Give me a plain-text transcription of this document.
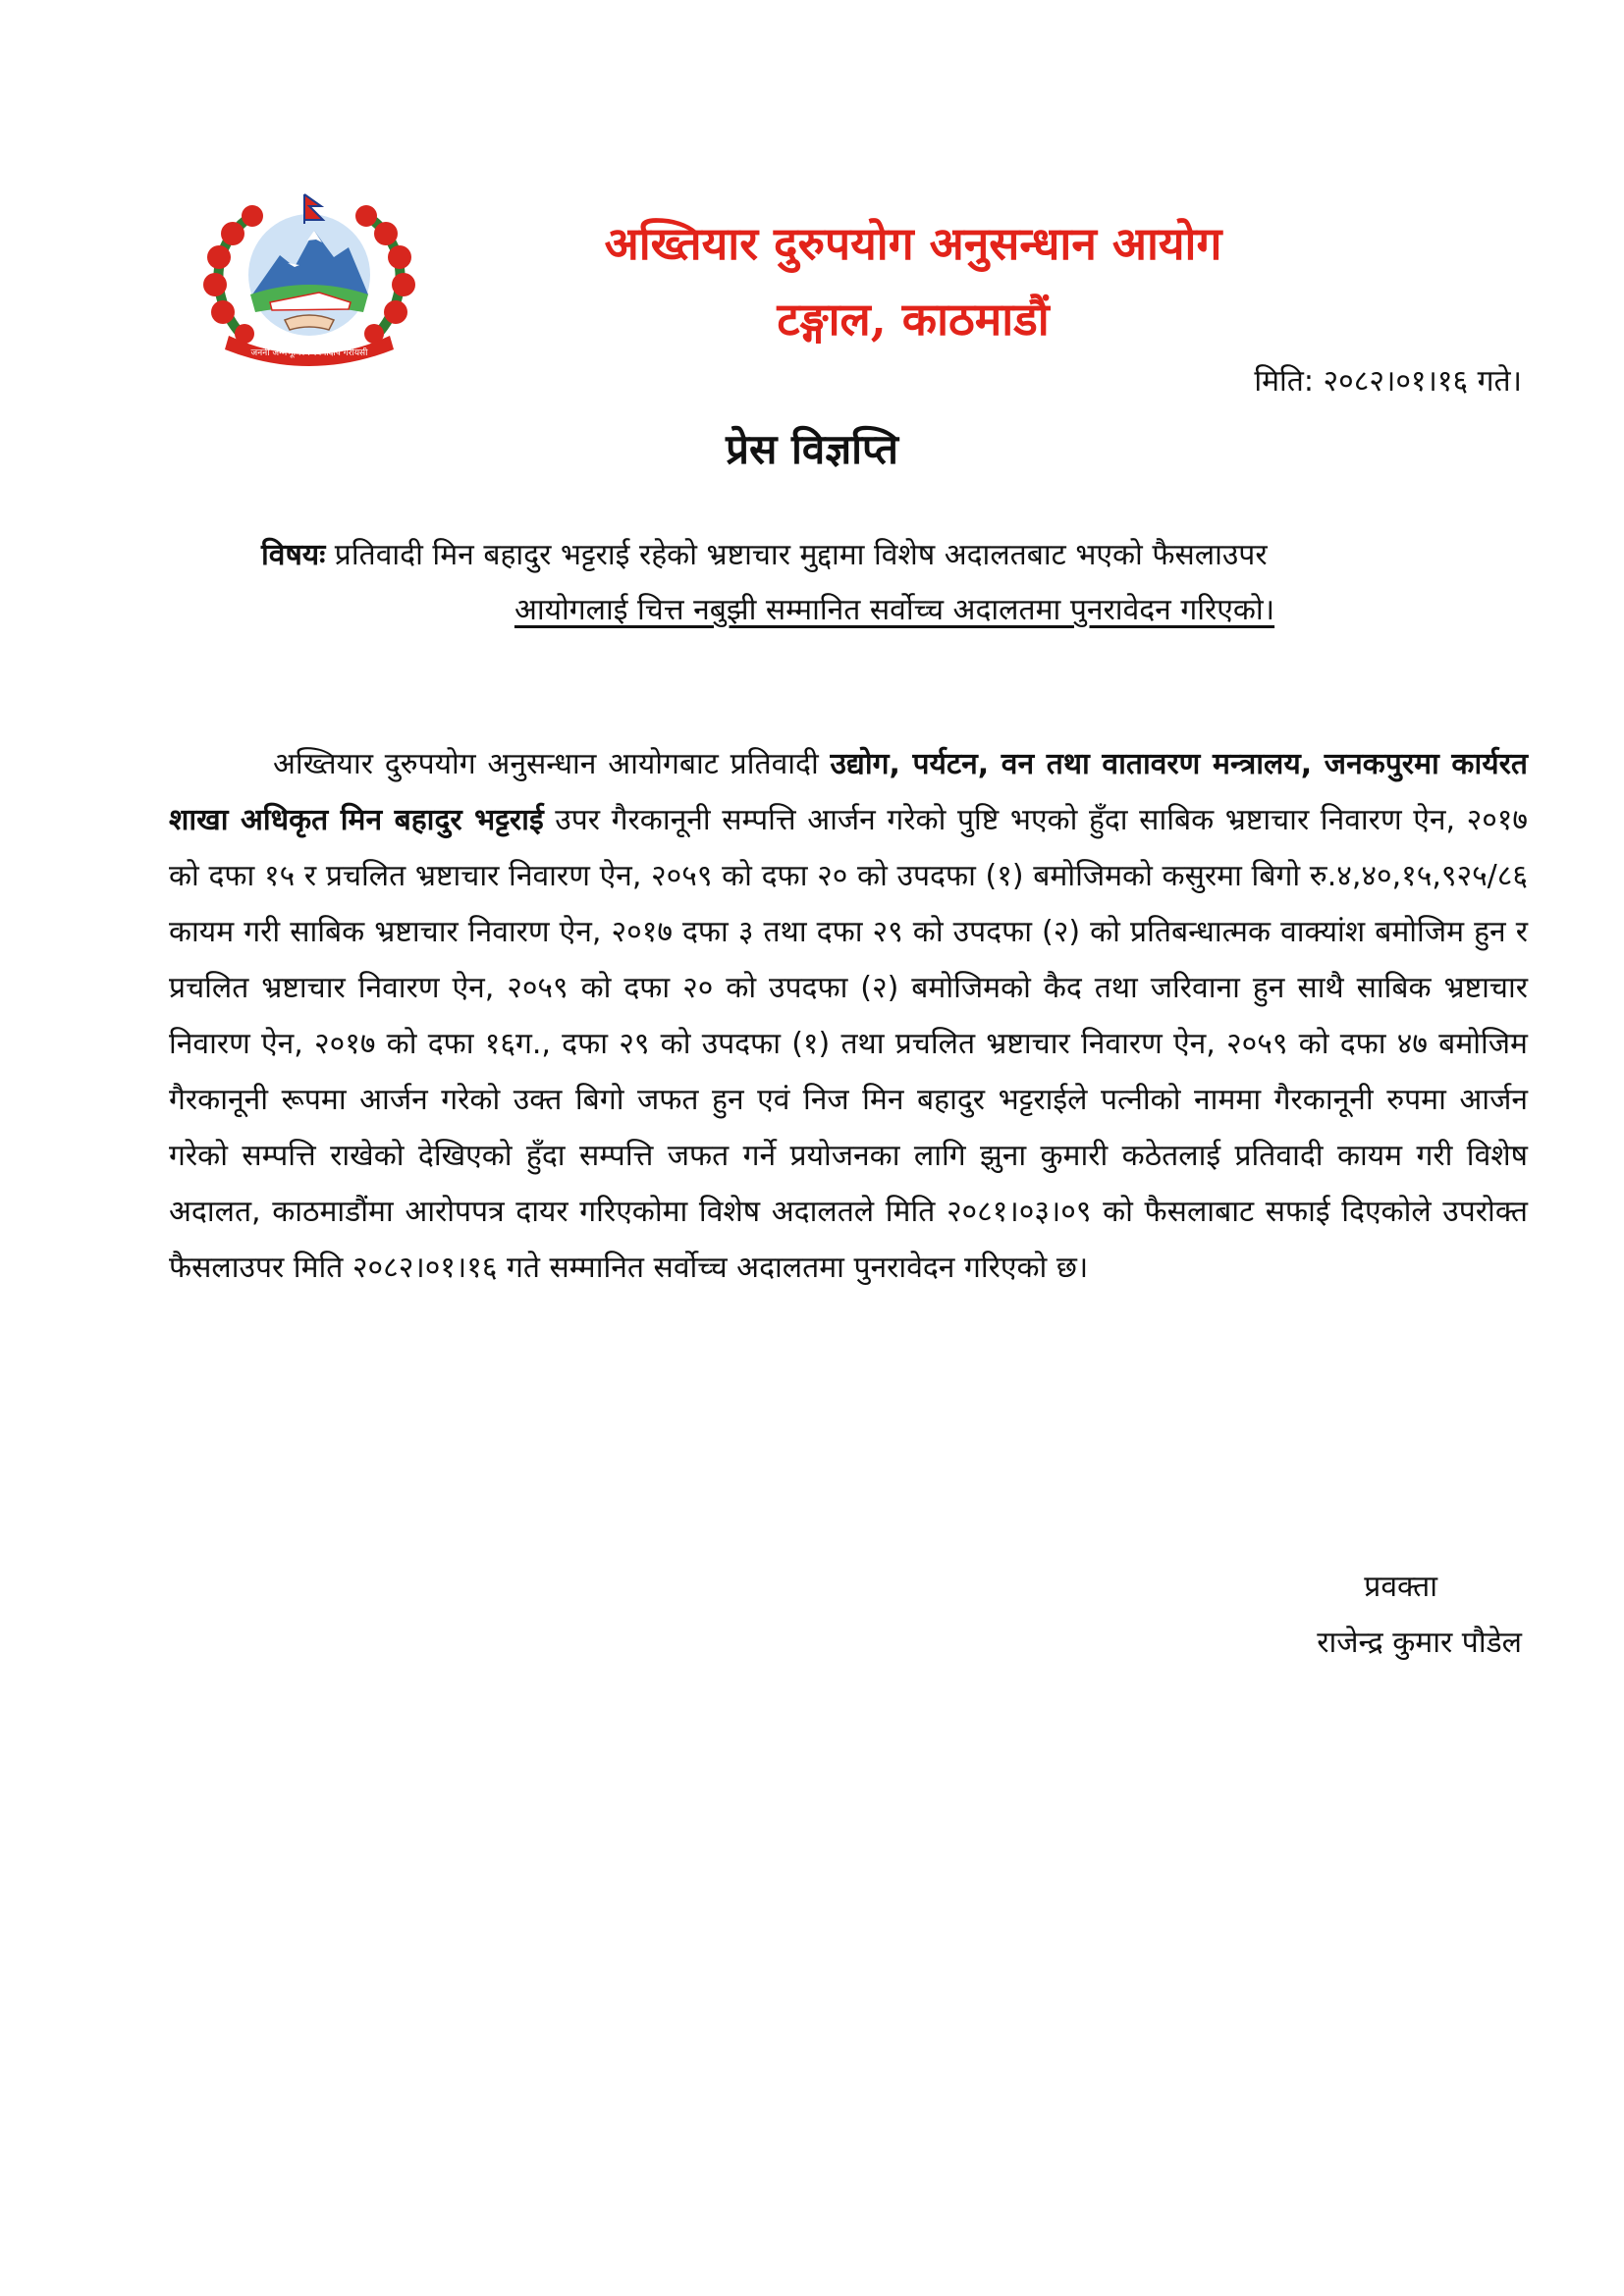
जननी जन्मभूमिश्च स्वर्गादपि गरीयसी
अख्तियार दुरुपयोग अनुसन्धान आयोग
टङ्गाल, काठमाडौं
मिति: २०८२।०१।१६ गते।
प्रेस विज्ञप्ति
विषयः प्रतिवादी मिन बहादुर भट्टराई रहेको भ्रष्टाचार मुद्दामा विशेष अदालतबाट भएको फैसलाउपर
आयोगलाई चित्त नबुझी सम्मानित सर्वोच्च अदालतमा पुनरावेदन गरिएको।

अख्तियार दुरुपयोग अनुसन्धान आयोगबाट प्रतिवादी उद्योग, पर्यटन, वन तथा वातावरण मन्त्रालय, जनकपुरमा कार्यरत शाखा अधिकृत मिन बहादुर भट्टराई उपर गैरकानूनी सम्पत्ति आर्जन गरेको पुष्टि भएको हुँदा साबिक भ्रष्टाचार निवारण ऐन, २०१७ को दफा १५ र प्रचलित भ्रष्टाचार निवारण ऐन, २०५९ को दफा २० को उपदफा (१) बमोजिमको कसुरमा बिगो रु.४,४०,१५,९२५/८६ कायम गरी साबिक भ्रष्टाचार निवारण ऐन, २०१७ दफा ३ तथा दफा २९ को उपदफा (२) को प्रतिबन्धात्मक वाक्यांश बमोजिम हुन र प्रचलित भ्रष्टाचार निवारण ऐन, २०५९ को दफा २० को उपदफा (२) बमोजिमको कैद तथा जरिवाना हुन साथै साबिक भ्रष्टाचार निवारण ऐन, २०१७ को दफा १६ग., दफा २९ को उपदफा (१) तथा प्रचलित भ्रष्टाचार निवारण ऐन, २०५९ को दफा ४७ बमोजिम गैरकानूनी रूपमा आर्जन गरेको उक्त बिगो जफत हुन एवं निज मिन बहादुर भट्टराईले पत्नीको नाममा गैरकानूनी रुपमा आर्जन गरेको सम्पत्ति राखेको देखिएको हुँदा सम्पत्ति जफत गर्ने प्रयोजनका लागि झुना कुमारी कठेतलाई प्रतिवादी कायम गरी विशेष अदालत, काठमाडौंमा आरोपपत्र दायर गरिएकोमा विशेष अदालतले मिति २०८१।०३।०९ को फैसलाबाट सफाई दिएकोले उपरोक्त फैसलाउपर मिति २०८२।०१।१६ गते सम्मानित सर्वोच्च अदालतमा पुनरावेदन गरिएको छ।

प्रवक्ता
राजेन्द्र कुमार पौडेल
